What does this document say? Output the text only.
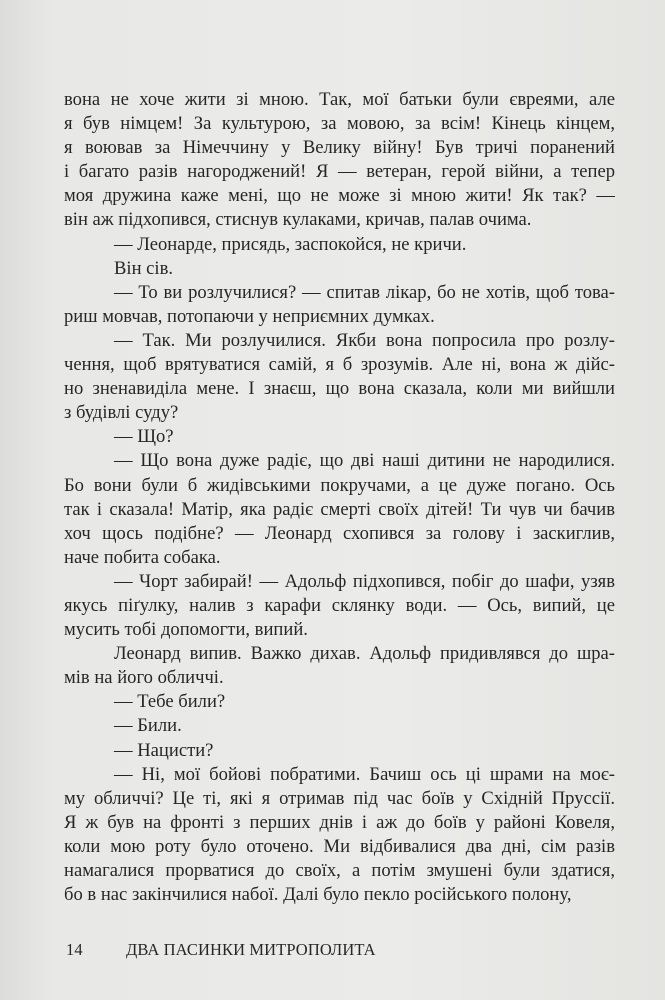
вона не хоче жити зі мною. Так, мої батьки були євреями, але
я був німцем! За культурою, за мовою, за всім! Кінець кінцем,
я воював за Німеччину у Велику війну! Був тричі поранений
і багато разів нагороджений! Я — ветеран, герой війни, а тепер
моя дружина каже мені, що не може зі мною жити! Як так? —
він аж підхопився, стиснув кулаками, кричав, палав очима.
— Леонарде, присядь, заспокойся, не кричи.
Він сів.
— То ви розлучилися? — спитав лікар, бо не хотів, щоб това-
риш мовчав, потопаючи у неприємних думках.
— Так. Ми розлучилися. Якби вона попросила про розлу-
чення, щоб врятуватися самій, я б зрозумів. Але ні, вона ж дійс-
но зненавиділа мене. І знаєш, що вона сказала, коли ми вийшли
з будівлі суду?
— Що?
— Що вона дуже радіє, що дві наші дитини не народилися.
Бо вони були б жидівськими покручами, а це дуже погано. Ось
так і сказала! Матір, яка радіє смерті своїх дітей! Ти чув чи бачив
хоч щось подібне? — Леонард схопився за голову і заскиглив,
наче побита собака.
— Чорт забирай! — Адольф підхопився, побіг до шафи, узяв
якусь піґулку, налив з карафи склянку води. — Ось, випий, це
мусить тобі допомогти, випий.
Леонард випив. Важко дихав. Адольф придивлявся до шра-
мів на його обличчі.
— Тебе били?
— Били.
— Нацисти?
— Ні, мої бойові побратими. Бачиш ось ці шрами на моє-
му обличчі? Це ті, які я отримав під час боїв у Східній Пруссії.
Я ж був на фронті з перших днів і аж до боїв у районі Ковеля,
коли мою роту було оточено. Ми відбивалися два дні, сім разів
намагалися прорватися до своїх, а потім змушені були здатися,
бо в нас закінчилися набої. Далі було пекло російського полону,
14	ДВА ПАСИНКИ МИТРОПОЛИТА
